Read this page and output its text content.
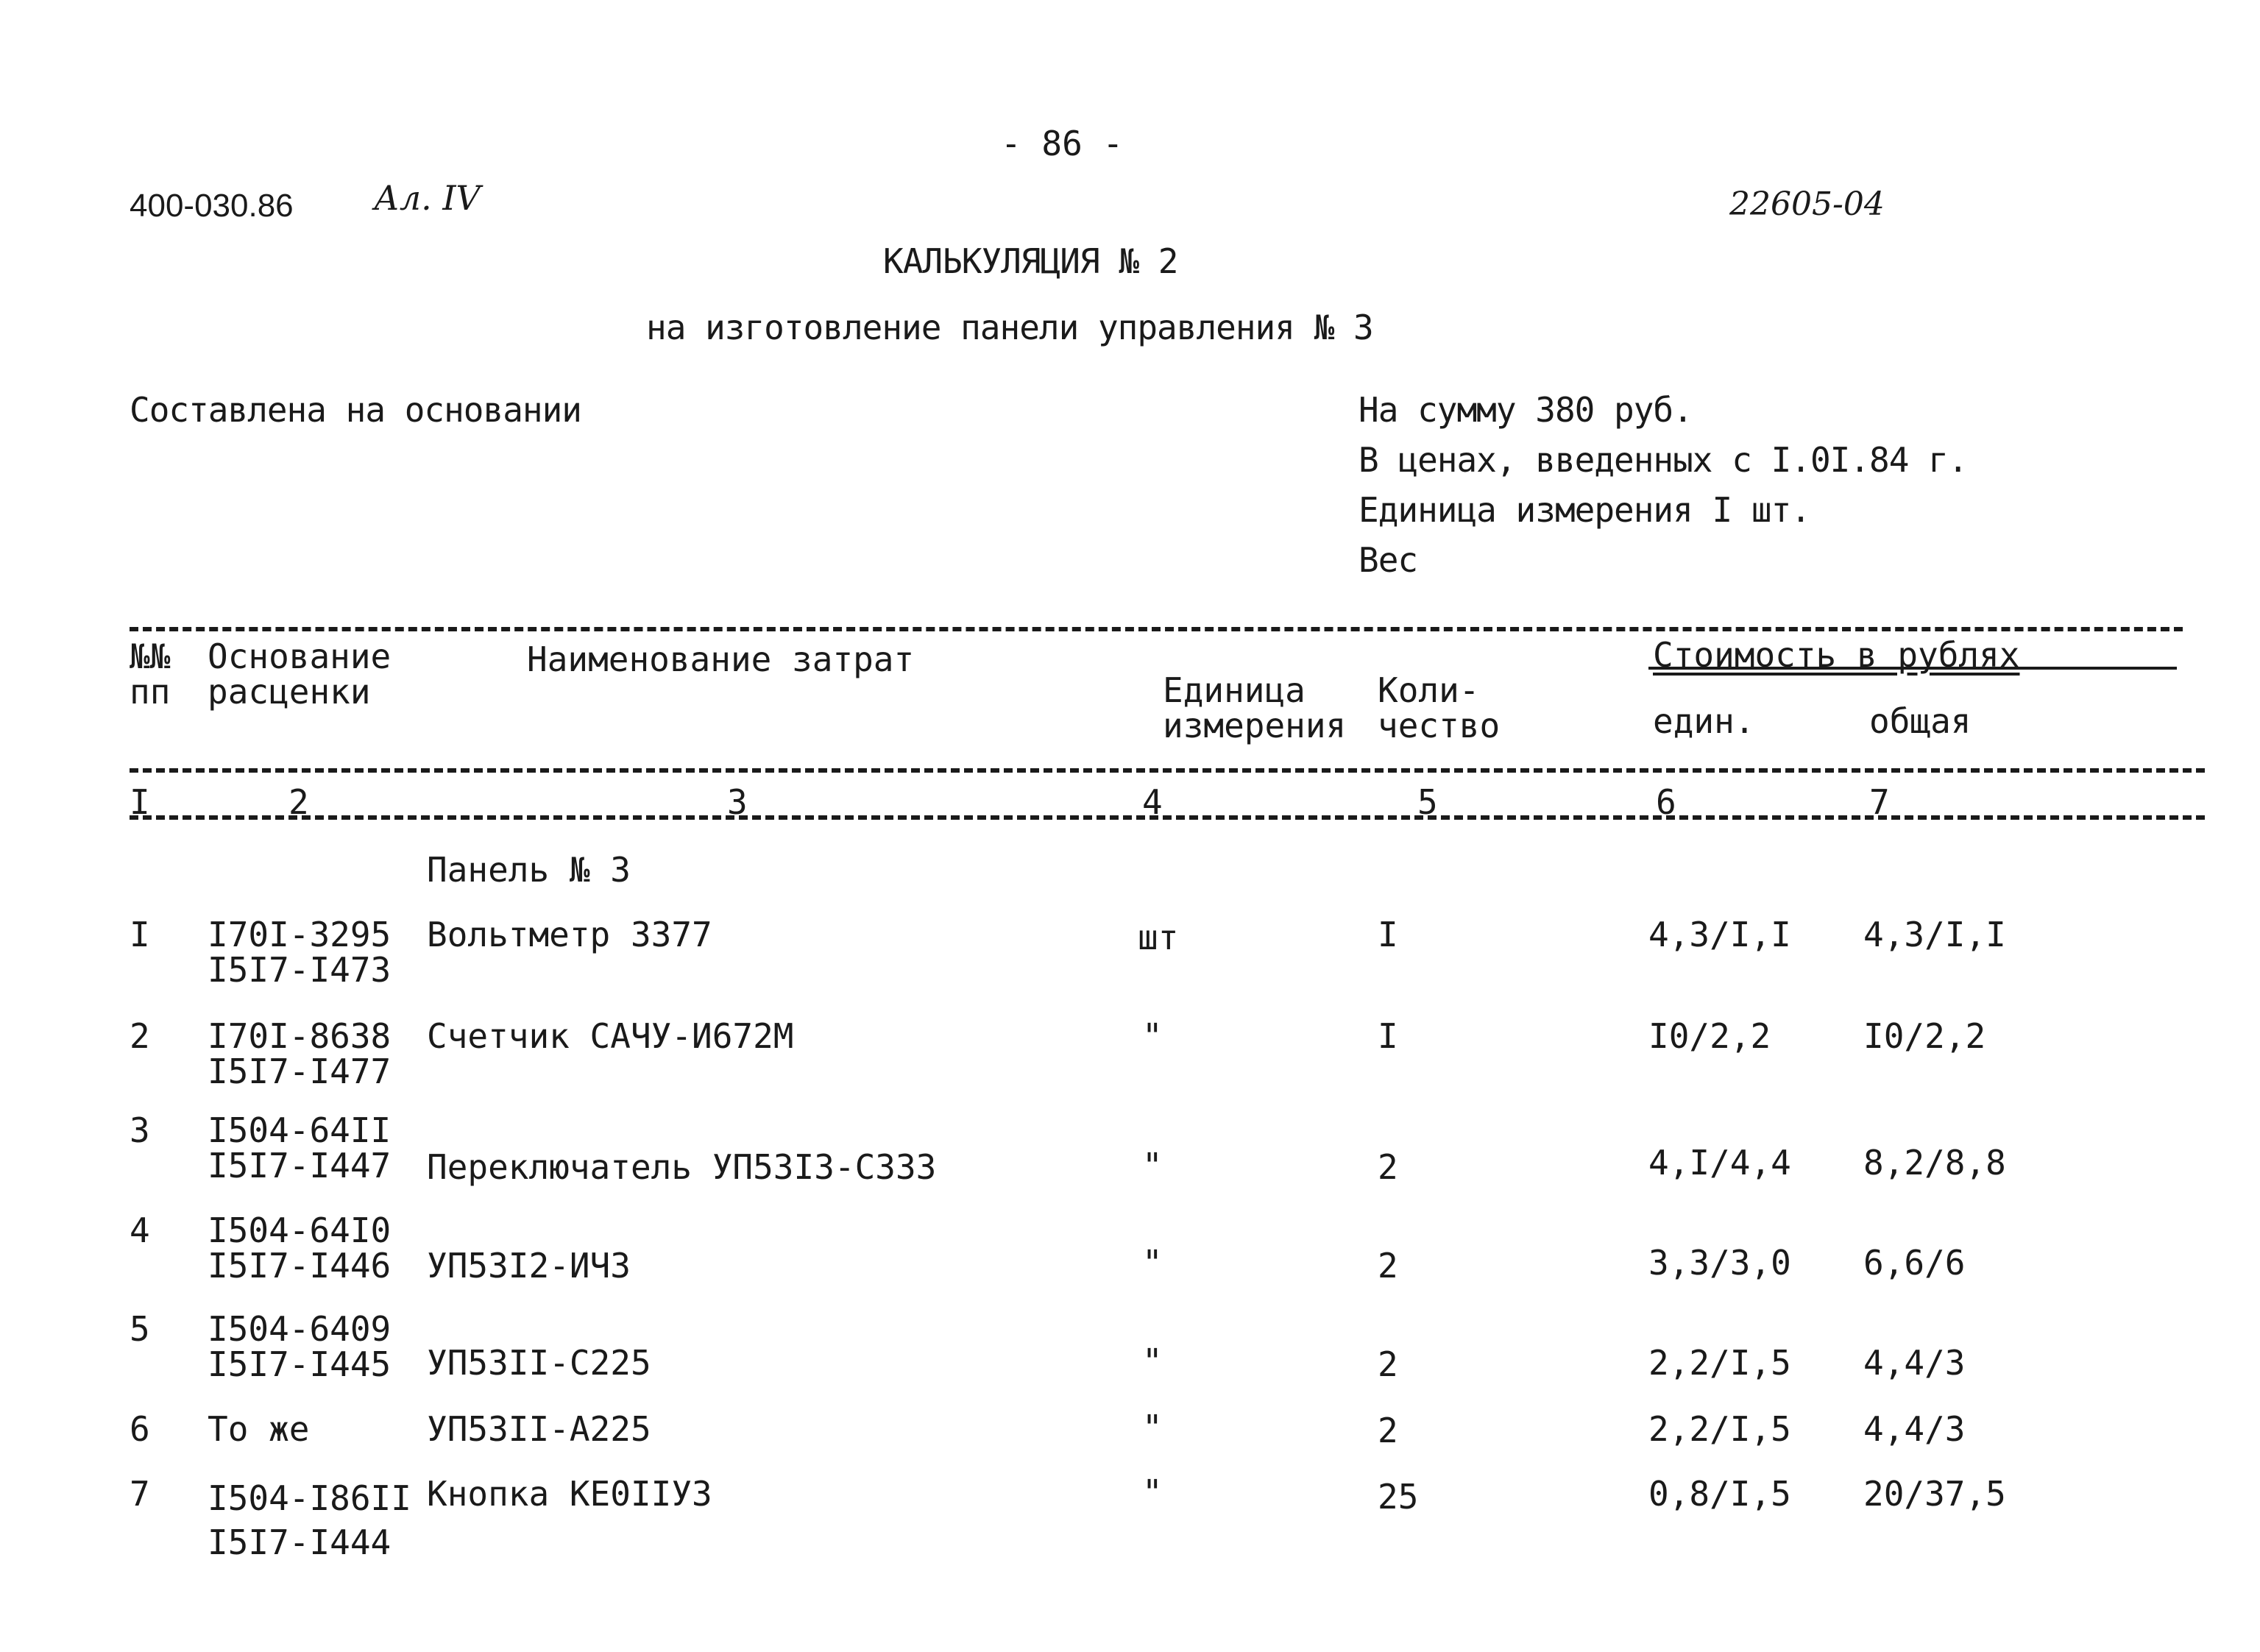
- 86 -
400-030.86 Ал. IV	22605-04
КАЛЬКУЛЯЦИЯ № 2
на изготовление панели управления № 3
Составлена на основании	На сумму 380 руб.
В ценах, введенных с I.0I.84 г.
Единица измерения I шт.
Вес
№№
пп
Основание
расценки
Наименование затрат
Единица
измерения
Коли-
чество
Стоимость в рублях
един.	общая
I	2	3	4	5	6	7
Панель № 3
I I70I-3295
I5I7-I473
Вольтметр 3377	шт	I	4,3/I,I 4,3/I,I
2 I70I-8638
I5I7-I477
Счетчик САЧУ-И672М	"	I	I0/2,2	I0/2,2
3 I504-64II
I5I7-I447 Переключатель УП53I3-С333	"	2	4,I/4,4 8,2/8,8
4 I504-64I0
I5I7-I446 УП53I2-ИЧ3	"	2	3,3/3,0 6,6/6
5 I504-6409
I5I7-I445 УП53II-С225	"	2	2,2/I,5 4,4/3
6 То же	УП53II-А225	"	2	2,2/I,5 4,4/3
7 I504-I86II
I5I7-I444
Кнопка КЕ0IIУ3	"	25	0,8/I,5 20/37,5
